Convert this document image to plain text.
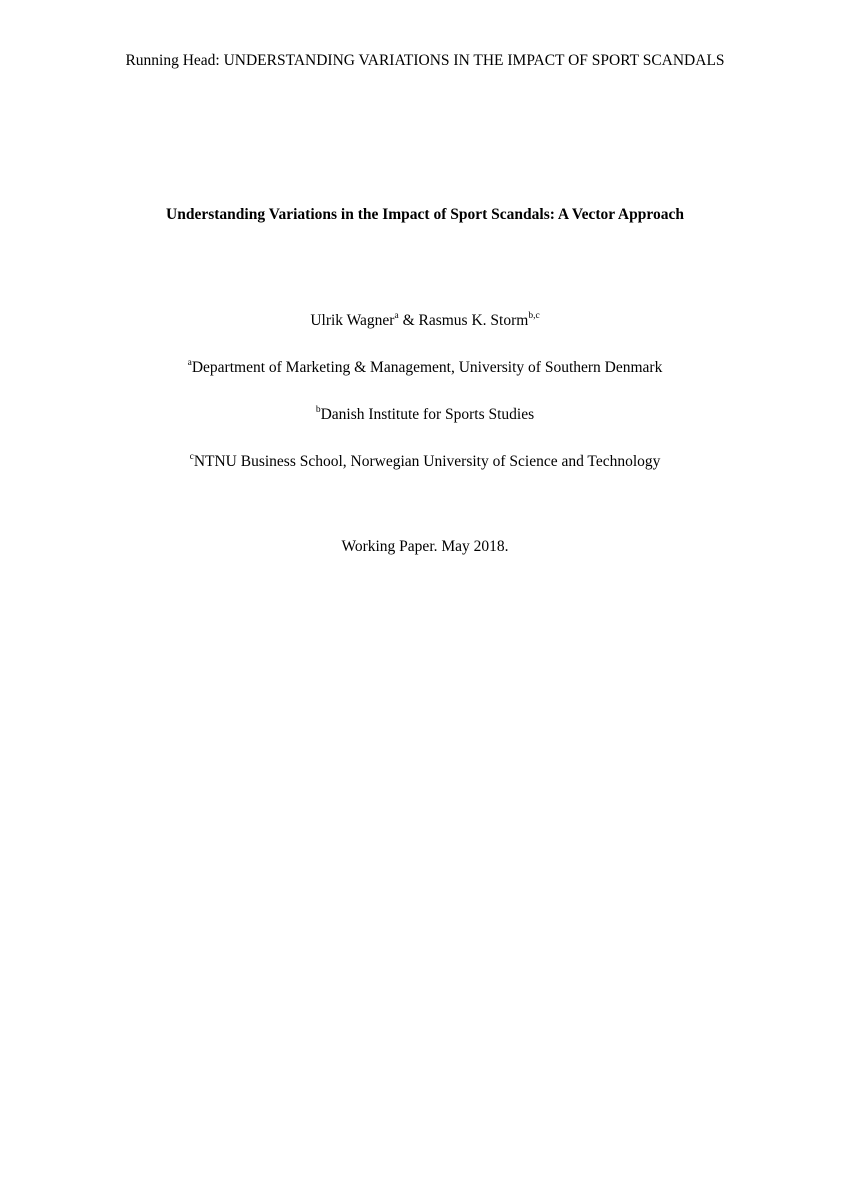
Running Head: UNDERSTANDING VARIATIONS IN THE IMPACT OF SPORT SCANDALS
Understanding Variations in the Impact of Sport Scandals: A Vector Approach
Ulrik Wagner$^a$ & Rasmus K. Storm$^{b,c}$
$^a$Department of Marketing & Management, University of Southern Denmark
$^b$Danish Institute for Sports Studies
$^c$NTNU Business School, Norwegian University of Science and Technology
Working Paper. May 2018.
